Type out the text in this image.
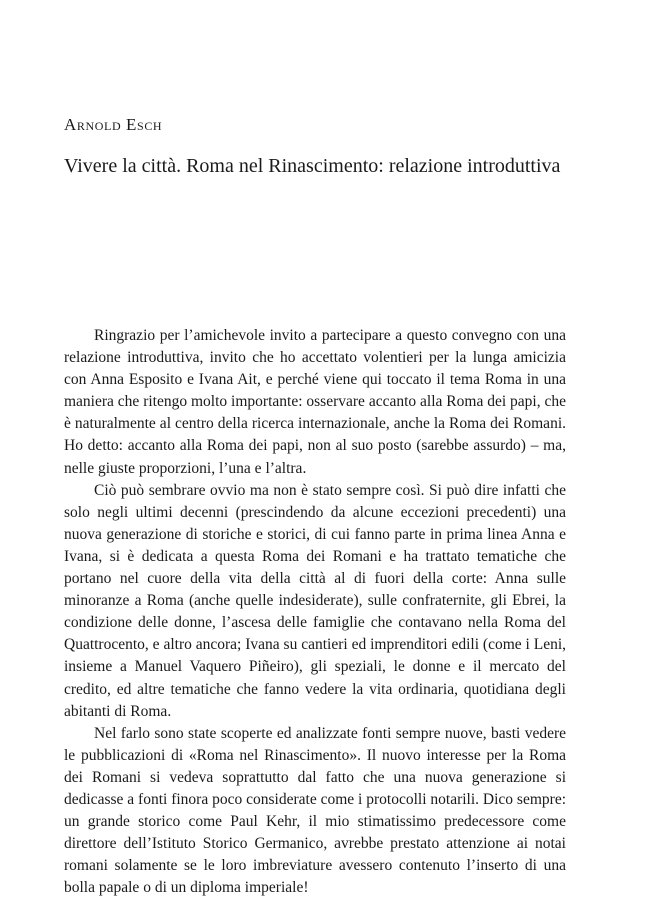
Arnold Esch
Vivere la città. Roma nel Rinascimento: relazione introduttiva

Ringrazio per l’amichevole invito a partecipare a questo convegno con una relazione introduttiva, invito che ho accettato volentieri per la lunga amicizia con Anna Esposito e Ivana Ait, e perché viene qui toccato il tema Roma in una maniera che ritengo molto importante: osservare accanto alla Roma dei papi, che è naturalmente al centro della ricerca internazionale, anche la Roma dei Romani. Ho detto: accanto alla Roma dei papi, non al suo posto (sarebbe assurdo) – ma, nelle giuste proporzioni, l’una e l’altra.

Ciò può sembrare ovvio ma non è stato sempre così. Si può dire infatti che solo negli ultimi decenni (prescindendo da alcune eccezioni precedenti) una nuova generazione di storiche e storici, di cui fanno parte in prima linea Anna e Ivana, si è dedicata a questa Roma dei Romani e ha trattato tematiche che portano nel cuore della vita della città al di fuori della corte: Anna sulle minoranze a Roma (anche quelle indesiderate), sulle confraternite, gli Ebrei, la condizione delle donne, l’ascesa delle famiglie che contavano nella Roma del Quattrocento, e altro ancora; Ivana su cantieri ed imprenditori edili (come i Leni, insieme a Manuel Vaquero Piñeiro), gli speziali, le donne e il mercato del credito, ed altre tematiche che fanno vedere la vita ordinaria, quotidiana degli abitanti di Roma.

Nel farlo sono state scoperte ed analizzate fonti sempre nuove, basti vedere le pubblicazioni di «Roma nel Rinascimento». Il nuovo interesse per la Roma dei Romani si vedeva soprattutto dal fatto che una nuova generazione si dedicasse a fonti finora poco considerate come i protocolli notarili. Dico sempre: un grande storico come Paul Kehr, il mio stimatissimo predecessore come direttore dell’Istituto Storico Germanico, avrebbe prestato attenzione ai notai romani solamente se le loro imbreviature avessero contenuto l’inserto di una bolla papale o di un diploma imperiale!
